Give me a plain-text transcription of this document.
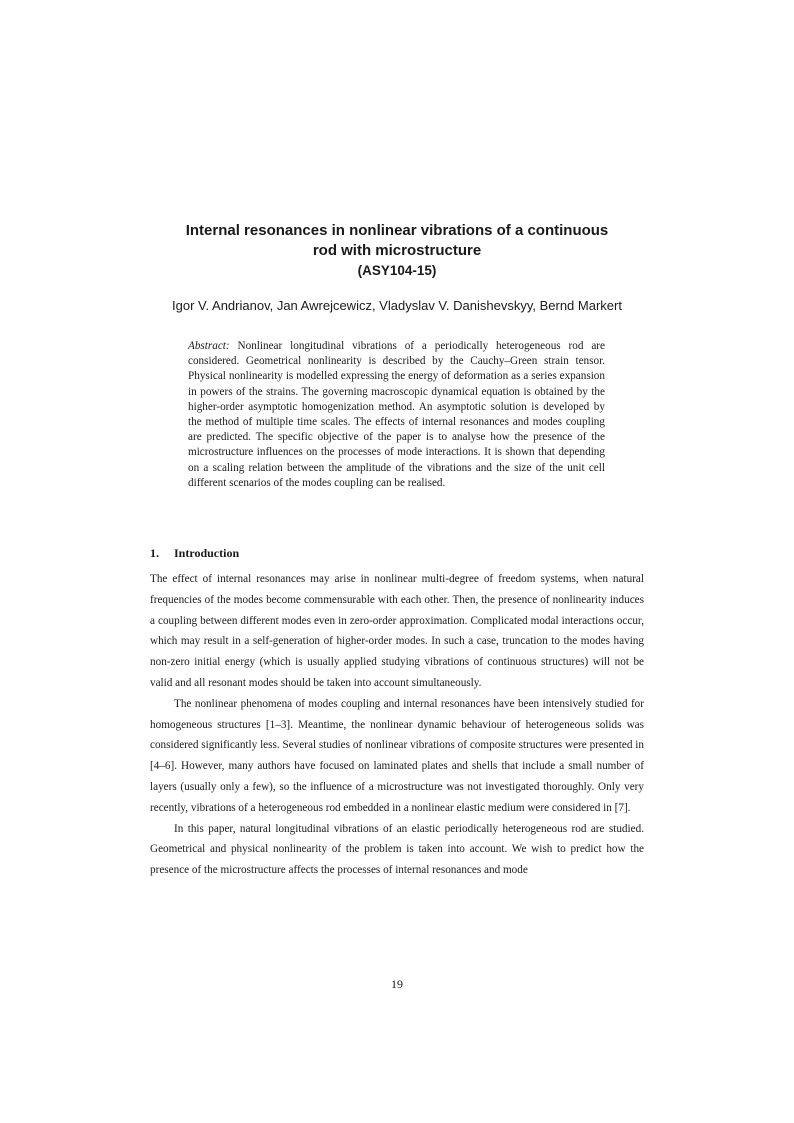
Internal resonances in nonlinear vibrations of a continuous
rod with microstructure
(ASY104-15)
Igor V. Andrianov, Jan Awrejcewicz, Vladyslav V. Danishevskyy, Bernd Markert
Abstract: Nonlinear longitudinal vibrations of a periodically heterogeneous rod are considered. Geometrical nonlinearity is described by the Cauchy–Green strain tensor. Physical nonlinearity is modelled expressing the energy of deformation as a series expansion in powers of the strains. The governing macroscopic dynamical equation is obtained by the higher-order asymptotic homogenization method. An asymptotic solution is developed by the method of multiple time scales. The effects of internal resonances and modes coupling are predicted. The specific objective of the paper is to analyse how the presence of the microstructure influences on the processes of mode interactions. It is shown that depending on a scaling relation between the amplitude of the vibrations and the size of the unit cell different scenarios of the modes coupling can be realised.
1. Introduction

The effect of internal resonances may arise in nonlinear multi-degree of freedom systems, when natural frequencies of the modes become commensurable with each other. Then, the presence of nonlinearity induces a coupling between different modes even in zero-order approximation. Complicated modal interactions occur, which may result in a self-generation of higher-order modes. In such a case, truncation to the modes having non-zero initial energy (which is usually applied studying vibrations of continuous structures) will not be valid and all resonant modes should be taken into account simultaneously.

The nonlinear phenomena of modes coupling and internal resonances have been intensively studied for homogeneous structures [1–3]. Meantime, the nonlinear dynamic behaviour of heterogeneous solids was considered significantly less. Several studies of nonlinear vibrations of composite structures were presented in [4–6]. However, many authors have focused on laminated plates and shells that include a small number of layers (usually only a few), so the influence of a microstructure was not investigated thoroughly. Only very recently, vibrations of a heterogeneous rod embedded in a nonlinear elastic medium were considered in [7].

In this paper, natural longitudinal vibrations of an elastic periodically heterogeneous rod are studied. Geometrical and physical nonlinearity of the problem is taken into account. We wish to predict how the presence of the microstructure affects the processes of internal resonances and mode

19
